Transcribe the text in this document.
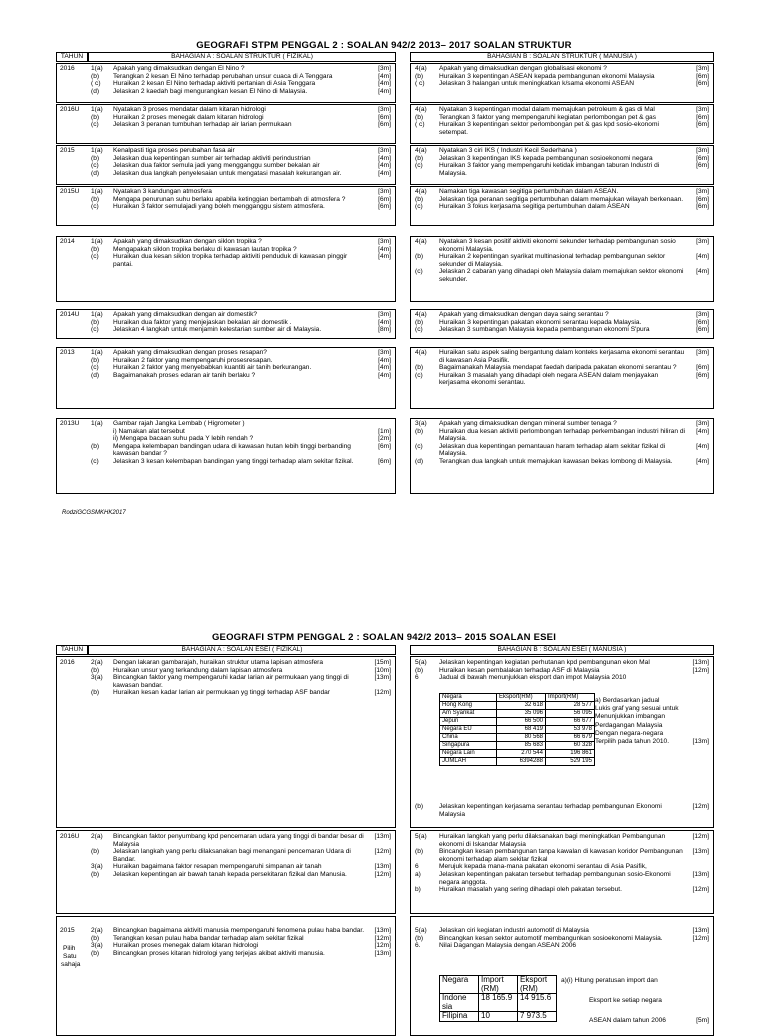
GEOGRAFI STPM PENGGAL 2 : SOALAN 942/2 2013– 2017 SOALAN STRUKTUR
TAHUN	BAHAGIAN A : SOALAN STRUKTUR ( FIZIKAL)	BAHAGIAN B : SOALAN STRUKTUR ( MANUSIA )
2016	1(a)	Apakah yang dimaksudkan dengan El Nino ?	[3m]
(b)	Terangkan 2 kesan El Nino terhadap perubahan unsur cuaca di A Tenggara	[4m]
( c)	Huraikan 2 kesan El Nino terhadap aktiviti pertanian di Asia Tenggara	[4m]
(d)	Jelaskan 2 kaedah bagi mengurangkan kesan El Nino di Malaysia.	[4m]
4(a)	Apakah yang dimaksudkan dengan globalisasi ekonomi ?	[3m]
(b)	Huraikan 3 kepentingan ASEAN kepada pembangunan ekonomi Malaysia	[6m]
( c)	Jelaskan 3 halangan untuk meningkatkan k/sama ekonomi ASEAN	[6m]
2016U	1(a)	Nyatakan 3 proses mendatar dalam kitaran hidrologi	[3m]
(b)	Huraikan 2 proses menegak dalam kitaran hidrologi	[6m]
(c)	Jelaskan 3 peranan tumbuhan terhadap air larian permukaan	[6m]
4(a)	Nyatakan 3 kepentingan modal dalam memajukan petroleum & gas di Mal	[3m]
(b)	Terangkan 3 faktor yang mempengaruhi kegiatan perlombongan pet & gas	[6m]
( c)	Huraikan 3 kepentingan sektor perlombongan pet & gas kpd sosio-ekonomi setempat.
[6m]
2015	1(a)	Kenalpasti tiga proses perubahan fasa air	[3m]
(b)	Jelaskan dua kepentingan sumber air terhadap aktiviti perindustrian	[4m]
(c)	Jelaskan dua faktor semula jadi yang mengganggu sumber bekalan air	[4m]
(d)	Jelaskan dua langkah penyelesaian untuk mengatasi masalah kekurangan air.	[4m]
4(a)	Nyatakan 3 ciri IKS ( Industri Kecil Sederhana )	[3m]
(b)	Jelaskan 3 kepentingan IKS kepada pembangunan sosioekonomi negara	[6m]
(c)	Huraikan 3 faktor yang mempengaruhi ketidak imbangan taburan Industri di Malaysia.
[6m]
2015U	1(a)	Nyatakan 3 kandungan atmosfera	[3m]
(b)	Mengapa penurunan suhu berlaku apabila ketinggian bertambah di atmosfera ?	[6m]
(c)	Huraikan 3 faktor semulajadi yang boleh mengganggu sistem atmosfera.	[6m]
4(a)	Namakan tiga kawasan segitiga pertumbuhan dalam ASEAN.	[3m]
(b)	Jelaskan tiga peranan segitiga pertumbuhan dalam memajukan wilayah berkenaan.	[6m]
(c)	Huraikan 3 fokus kerjasama segitiga pertumbuhan dalam ASEAN	[6m]
2014	1(a)	Apakah yang dimaksudkan dengan siklon tropika ?	[3m]
(b)	Mengapakah siklon tropika berlaku di kawasan lautan tropika ?	[4m]
(c)	Huraikan dua kesan siklon tropika terhadap aktiviti penduduk di kawasan pinggir pantai.
[4m]
4(a)	Nyatakan 3 kesan positif aktiviti ekonomi sekunder terhadap pembangunan sosio ekonomi Malaysia.
[3m]
(b)	Huraikan 2 kepentingan syarikat multinasional terhadap pembangunan sektor sekunder di Malaysia.
[4m]
(c)	Jelaskan 2 cabaran yang dihadapi oleh Malaysia dalam memajukan sektor ekonomi sekunder.
[4m]
2014U	1(a)	Apakah yang dimaksudkan dengan air domestik?	[3m]
(b)	Huraikan dua faktor yang menjejaskan bekalan air domestik .	[4m]
(c)	Jelaskan 4 langkah untuk menjamin kelestarian sumber air di Malaysia.	[8m]
4(a)	Apakah yang dimaksudkan dengan daya saing serantau ?	[3m]
(b)	Huraikan 3 kepentingan pakatan ekonomi serantau kepada Malaysia.	[6m]
(c)	Jelaskan 3 sumbangan Malaysia kepada pembangunan ekonomi S'pura	[6m]
2013	1(a)	Apakah yang dimaksudkan dengan proses resapan?	[3m]
(b)	Huraikan 2 faktor yang mempengaruhi prosesresapan.	[4m]
(c)	Huraikan 2 faktor yang menyebabkan kuantiti air tanih berkurangan.	[4m]
(d)	Bagaimanakah proses edaran air tanih berlaku ?	[4m]
4(a)	Huraikan satu aspek saling bergantung dalam konteks kerjasama ekonomi serantau di kawasan Asia Pasifik.
[3m]
(b)	Bagaimanakah Malaysia mendapat faedah daripada pakatan ekonomi serantau ?	[6m]
(c)	Huraikan 3 masalah yang dihadapi oleh negara ASEAN dalam menjayakan kerjasama ekonomi serantau.
[6m]
2013U	1(a)	Gambar rajah Jangka Lembab ( Higrometer )
i) Namakan alat tersebut	[1m]
ii) Mengapa bacaan suhu pada Y lebih rendah ?	[2m]
(b)	Mengapa kelembapan bandingan udara di kawasan hutan lebih tinggi berbanding kawasan bandar ?
[6m]
(c)	Jelaskan 3 kesan kelembapan bandingan yang tinggi terhadap alam sekitar fizikal.	[6m]
3(a)	Apakah yang dimaksudkan dengan mineral sumber tenaga ?	[3m]
(b)	Huraikan dua kesan aktiviti perlombongan terhadap perkembangan industri hiliran di Malaysia.
[4m]
(c)	Jelaskan dua kepentingan pemantauan haram terhadap alam sekitar fizikal di Malaysia.
[4m]
(d)	Terangkan dua langkah untuk memajukan kawasan bekas lombong di Malaysia.	[4m]
RodziGCGSMKHK2017
GEOGRAFI STPM PENGGAL 2 : SOALAN 942/2 2013– 2015 SOALAN ESEI
TAHUN	BAHAGIAN A : SOALAN ESEI ( FIZIKAL)	BAHAGIAN B : SOALAN ESEI ( MANUSIA )
2016	2(a)	Dengan lakaran gambarajah, huraikan struktur utama lapisan atmosfera	[15m]
(b)	Huraikan unsur yang terkandung dalam lapisan atmosfera	[10m]
3(a)	Bincangkan faktor yang mempengaruhi kadar larian air permukaan yang tinggi di kawasan bandar.
[13m]
(b)	Huraikan kesan kadar larian air permukaan yg tinggi terhadap ASF bandar	[12m]
5(a)	Jelaskan kepentingan kegiatan perhutanan kpd pembangunan ekon Mal	[13m]
(b)	Huraikan kesan pembalakan terhadap ASF di Malaysia	[12m]
6	Jadual di bawah menunjukkan eksport dan impot Malaysia 2010
Negara	Eksport(RM)	Import(RM)
Hong Kong	32 618	28 577
Am Syarikat	35 096	56 095
Jepun	66 500	66 677
Negara EU	68 419	53 978
China	80 568	66 679
Singapura	85 683	60 328
Negara Lain	270 544	196 861
JUMLAH	6394288	529 195
a) Berdasarkan jadual
Lukis graf yang sesuai untuk
Menunjukkan imbangan
Perdagangan Malaysia
Dengan negara-negara
Terpilih pada tahun 2010.	[13m]
(b)	Jelaskan kepentingan kerjasama serantau terhadap pembangunan Ekonomi Malaysia
[12m]
2016U	2(a)	Bincangkan faktor penyumbang kpd pencemaran udara yang tinggi di bandar besar di Malaysia
[13m]
(b)	Jelaskan langkah yang perlu dilaksanakan bagi menangani pencemaran Udara di Bandar.
[12m]
3(a)	Huraikan bagaimana faktor resapan mempengaruhi simpanan air tanah	[13m]
(b)	Jelaskan kepentingan air bawah tanah kepada persekitaran fizikal dan Manusia.	[12m]
5(a)	Huraikan langkah yang perlu dilaksanakan bagi meningkatkan Pembangunan ekonomi di Iskandar Malaysia
[12m]
(b)	Bincangkan kesan pembangunan tanpa kawalan di kawasan koridor Pembangunan ekonomi terhadap alam sekitar fizikal
[13m]
6	Merujuk kepada mana-mana pakatan ekonomi serantau di Asia Pasifik,
a)	Jelaskan kepentingan pakatan tersebut terhadap pembangunan sosio-Ekonomi negara anggota.
[13m]
b)	Huraikan masalah yang sering dihadapi oleh pakatan tersebut.	[12m]
2015
Pilih
Satu
sahaja
2(a)	Bincangkan bagaimana aktiviti manusia mempengaruhi fenomena pulau haba bandar.	[13m]
(b)	Terangkan kesan pulau haba bandar terhadap alam sekitar fizikal	[12m]
3(a)	Huraikan proses menegak dalam kitaran hidrologi	[12m]
(b)	Bincangkan proses kitaran hidrologi yang terjejas akibat aktiviti manusia.	[13m]
5(a)	Jelaskan ciri kegiatan industri automotif di Malaysia	[13m]
(b)	Bincangkan kesan sektor automotif membangunkan sosioekonomi Malaysia.	[12m]
6.	Nilai Dagangan Malaysia dengan ASEAN 2006
Negara	Import (RM)	Eksport (RM)
Indone sia	18 165.9	14 915.6
Filipina	10	7 973.5
a)(i) Hitung peratusan import dan
Eksport ke setiap negara
ASEAN dalam tahun 2006	[5m]
